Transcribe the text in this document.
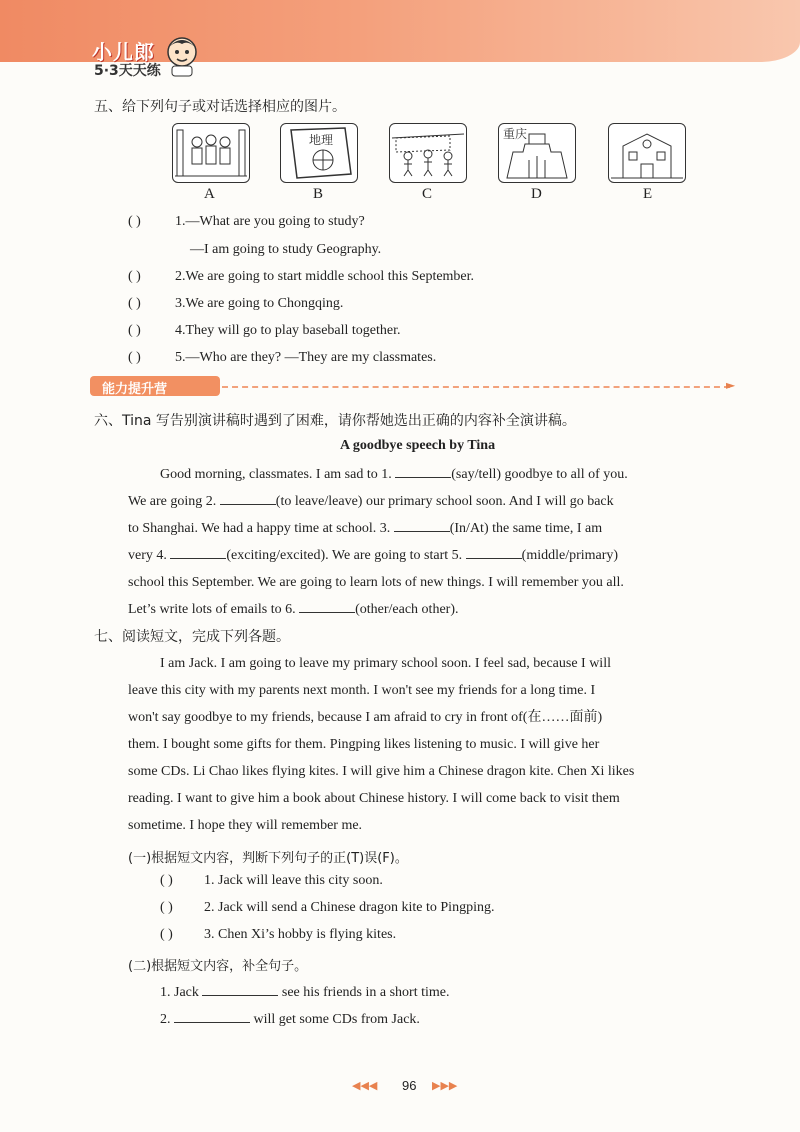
小儿郎
5·3天天练
五、给下列句子或对话选择相应的图片。
地理	重庆
A	B	C	D	E
( ) 1.—What are you going to study?
—I am going to study Geography.
( ) 2.We are going to start middle school this September.
( ) 3.We are going to Chongqing.
( ) 4.They will go to play baseball together.
( ) 5.—Who are they? —They are my classmates.
能力提升营	►
六、Tina 写告别演讲稿时遇到了困难，请你帮她选出正确的内容补全演讲稿。
A goodbye speech by Tina
Good morning, classmates. I am sad to 1.	(say/tell) goodbye to all of you.
We are going 2.	(to leave/leave) our primary school soon. And I will go back
to Shanghai. We had a happy time at school. 3.	(In/At) the same time, I am
very 4.	(exciting/excited). We are going to start 5.	(middle/primary)
school this September. We are going to learn lots of new things. I will remember you all.
Let’s write lots of emails to 6.	(other/each other).
七、阅读短文，完成下列各题。
I am Jack. I am going to leave my primary school soon. I feel sad, because I will
leave this city with my parents next month. I won't see my friends for a long time. I
won't say goodbye to my friends, because I am afraid to cry in front of(在……面前)
them. I bought some gifts for them. Pingping likes listening to music. I will give her
some CDs. Li Chao likes flying kites. I will give him a Chinese dragon kite. Chen Xi likes
reading. I want to give him a book about Chinese history. I will come back to visit them
sometime. I hope they will remember me.
(一)根据短文内容，判断下列句子的正(T)误(F)。
( ) 1. Jack will leave this city soon.
( ) 2. Jack will send a Chinese dragon kite to Pingping.
( ) 3. Chen Xi’s hobby is flying kites.
(二)根据短文内容，补全句子。
1. Jack	see his friends in a short time.
2.	will get some CDs from Jack.
◀◀◀ 96 ▶▶▶
